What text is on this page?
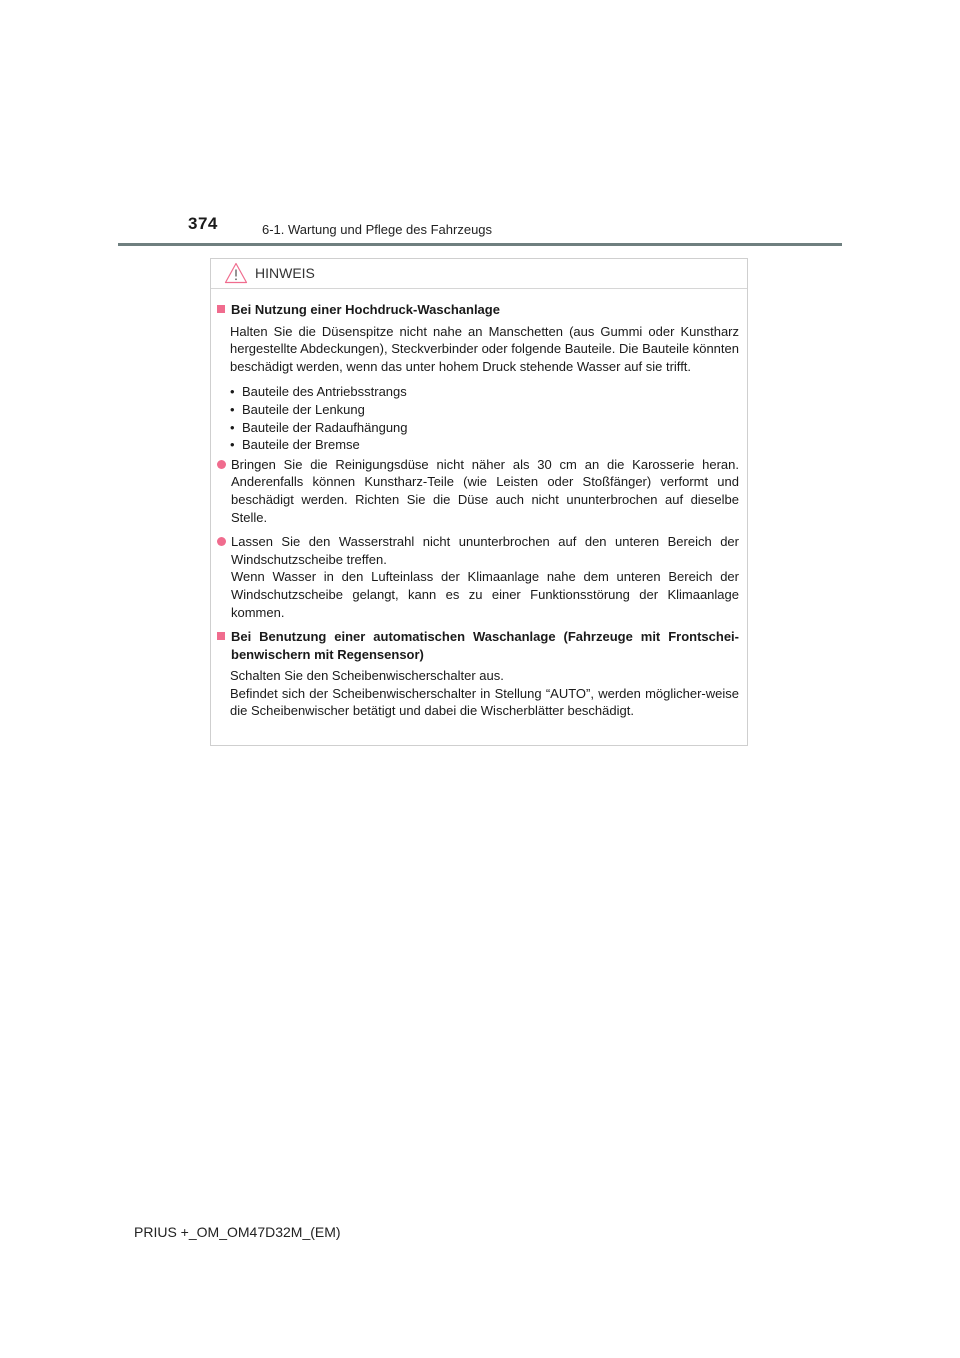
374	6-1. Wartung und Pflege des Fahrzeugs
HINWEIS
Bei Nutzung einer Hochdruck-Waschanlage
Halten Sie die Düsenspitze nicht nahe an Manschetten (aus Gummi oder Kunstharz hergestellte Abdeckungen), Steckverbinder oder folgende Bauteile. Die Bauteile könnten beschädigt werden, wenn das unter hohem Druck stehende Wasser auf sie trifft.
• Bauteile des Antriebsstrangs
• Bauteile der Lenkung
• Bauteile der Radaufhängung
• Bauteile der Bremse
Bringen Sie die Reinigungsdüse nicht näher als 30 cm an die Karosserie heran. Anderenfalls können Kunstharz-Teile (wie Leisten oder Stoßfänger) verformt und beschädigt werden. Richten Sie die Düse auch nicht ununterbrochen auf dieselbe Stelle.
Lassen Sie den Wasserstrahl nicht ununterbrochen auf den unteren Bereich der Windschutzscheibe treffen.
Wenn Wasser in den Lufteinlass der Klimaanlage nahe dem unteren Bereich der Windschutzscheibe gelangt, kann es zu einer Funktionsstörung der Klimaanlage kommen.
Bei Benutzung einer automatischen Waschanlage (Fahrzeuge mit Frontschei-benwischern mit Regensensor)
Schalten Sie den Scheibenwischerschalter aus.
Befindet sich der Scheibenwischerschalter in Stellung “AUTO”, werden möglicher-weise die Scheibenwischer betätigt und dabei die Wischerblätter beschädigt.
PRIUS +_OM_OM47D32M_(EM)
